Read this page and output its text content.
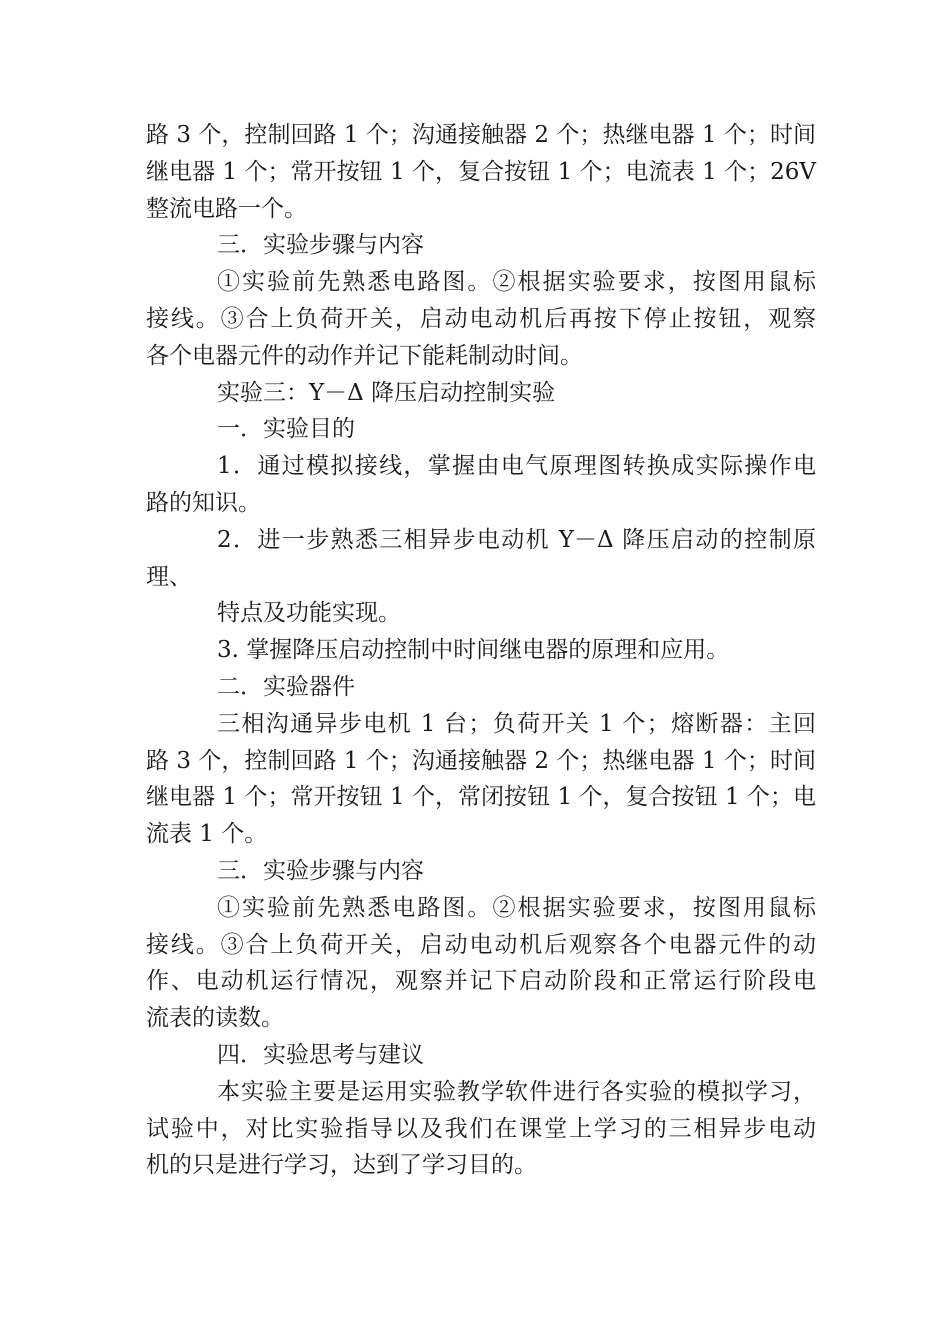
路 3 个，控制回路 1 个；沟通接触器 2 个；热继电器 1 个；时间
继电器 1 个；常开按钮 1 个，复合按钮 1 个；电流表 1 个；26V
整流电路一个。
三．实验步骤与内容
①实验前先熟悉电路图。②根据实验要求，按图用鼠标
接线。③合上负荷开关，启动电动机后再按下停止按钮，观察
各个电器元件的动作并记下能耗制动时间。
实验三：Y－Δ 降压启动控制实验
一．实验目的
1．通过模拟接线，掌握由电气原理图转换成实际操作电
路的知识。
2．进一步熟悉三相异步电动机 Y－Δ 降压启动的控制原
理、
特点及功能实现。
3. 掌握降压启动控制中时间继电器的原理和应用。
二．实验器件
三相沟通异步电机 1 台；负荷开关 1 个；熔断器：主回
路 3 个，控制回路 1 个；沟通接触器 2 个；热继电器 1 个；时间
继电器 1 个；常开按钮 1 个，常闭按钮 1 个，复合按钮 1 个；电
流表 1 个。
三．实验步骤与内容
①实验前先熟悉电路图。②根据实验要求，按图用鼠标
接线。③合上负荷开关，启动电动机后观察各个电器元件的动
作、电动机运行情况，观察并记下启动阶段和正常运行阶段电
流表的读数。
四．实验思考与建议
本实验主要是运用实验教学软件进行各实验的模拟学习，
试验中，对比实验指导以及我们在课堂上学习的三相异步电动
机的只是进行学习，达到了学习目的。
